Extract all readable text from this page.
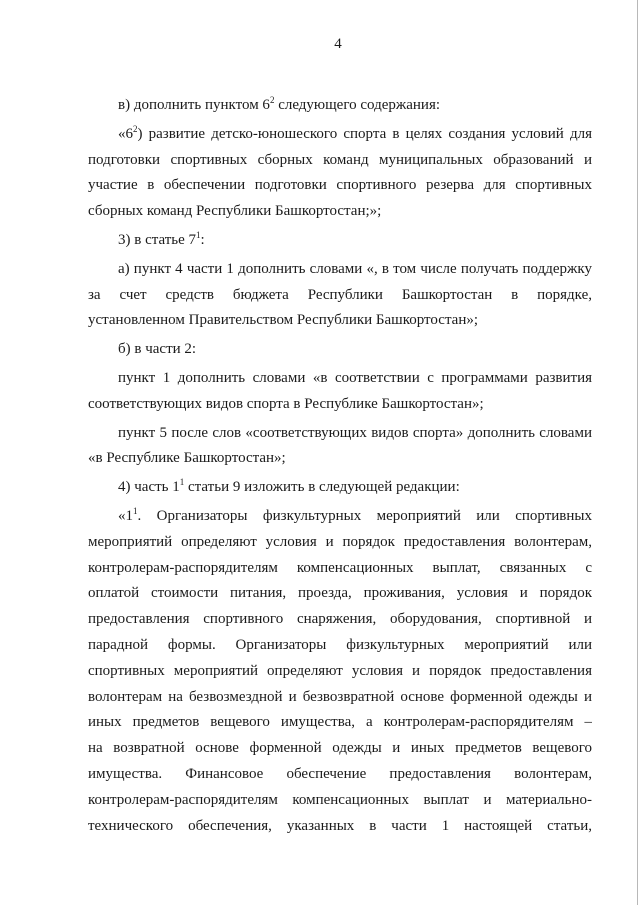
4
в) дополнить пунктом $6^2$ следующего содержания:
«$6^2$) развитие детско-юношеского спорта в целях создания условий для
подготовки спортивных сборных команд муниципальных образований и
участие в обеспечении подготовки спортивного резерва для спортивных
сборных команд Республики Башкортостан;»;
3) в статье $7^1$:
а) пункт 4 части 1 дополнить словами «, в том числе получать поддержку
за счет средств бюджета Республики Башкортостан в порядке,
установленном Правительством Республики Башкортостан»;
б) в части 2:
пункт 1 дополнить словами «в соответствии с программами развития
соответствующих видов спорта в Республике Башкортостан»;
пункт 5 после слов «соответствующих видов спорта» дополнить словами
«в Республике Башкортостан»;
4) часть $1^1$ статьи 9 изложить в следующей редакции:
«$1^1$. Организаторы физкультурных мероприятий или спортивных
мероприятий определяют условия и порядок предоставления волонтерам,
контролерам-распорядителям компенсационных выплат, связанных с
оплатой стоимости питания, проезда, проживания, условия и порядок
предоставления спортивного снаряжения, оборудования, спортивной и
парадной формы. Организаторы физкультурных мероприятий или
спортивных мероприятий определяют условия и порядок предоставления
волонтерам на безвозмездной и безвозвратной основе форменной одежды и
иных предметов вещевого имущества, а контролерам-распорядителям –
на возвратной основе форменной одежды и иных предметов вещевого
имущества. Финансовое обеспечение предоставления волонтерам,
контролерам-распорядителям компенсационных выплат и материально-
технического обеспечения, указанных в части 1 настоящей статьи,
